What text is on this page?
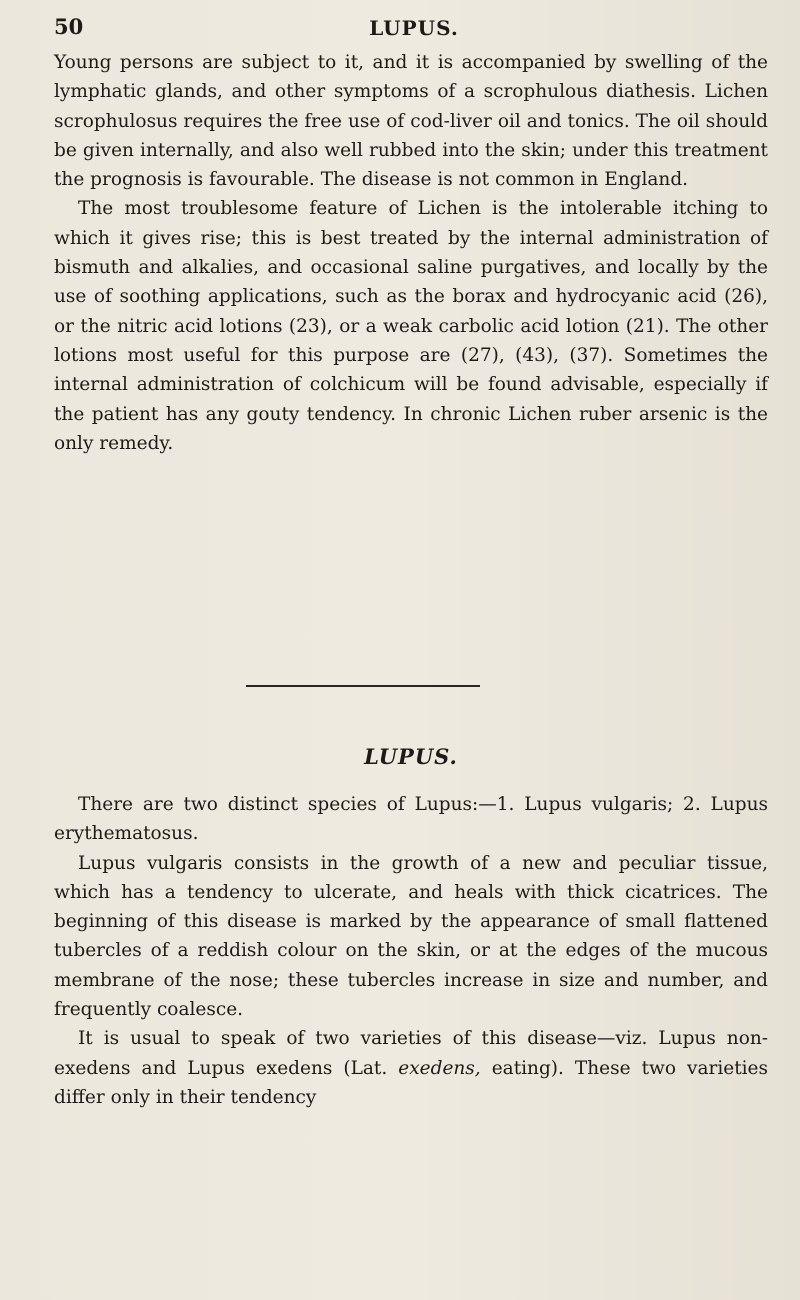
50	LUPUS.

Young persons are subject to it, and it is accompanied by swelling of the lymphatic glands, and other symptoms of a scrophulous diathesis. Lichen scrophulosus requires the free use of cod-liver oil and tonics. The oil should be given internally, and also well rubbed into the skin; under this treatment the prognosis is favourable. The disease is not common in England.

The most troublesome feature of Lichen is the intolerable itching to which it gives rise; this is best treated by the internal administration of bismuth and alkalies, and occasional saline purgatives, and locally by the use of soothing applications, such as the borax and hydrocyanic acid (26), or the nitric acid lotions (23), or a weak carbolic acid lotion (21). The other lotions most useful for this purpose are (27), (43), (37). Sometimes the internal administration of colchicum will be found advisable, especially if the patient has any gouty tendency. In chronic Lichen ruber arsenic is the only remedy.

LUPUS.

There are two distinct species of Lupus:—1. Lupus vulgaris; 2. Lupus erythematosus.

Lupus vulgaris consists in the growth of a new and peculiar tissue, which has a tendency to ulcerate, and heals with thick cicatrices. The beginning of this disease is marked by the appearance of small flattened tubercles of a reddish colour on the skin, or at the edges of the mucous membrane of the nose; these tubercles increase in size and number, and frequently coalesce.

It is usual to speak of two varieties of this disease—viz. Lupus non-exedens and Lupus exedens (Lat. exedens, eating). These two varieties differ only in their tendency
